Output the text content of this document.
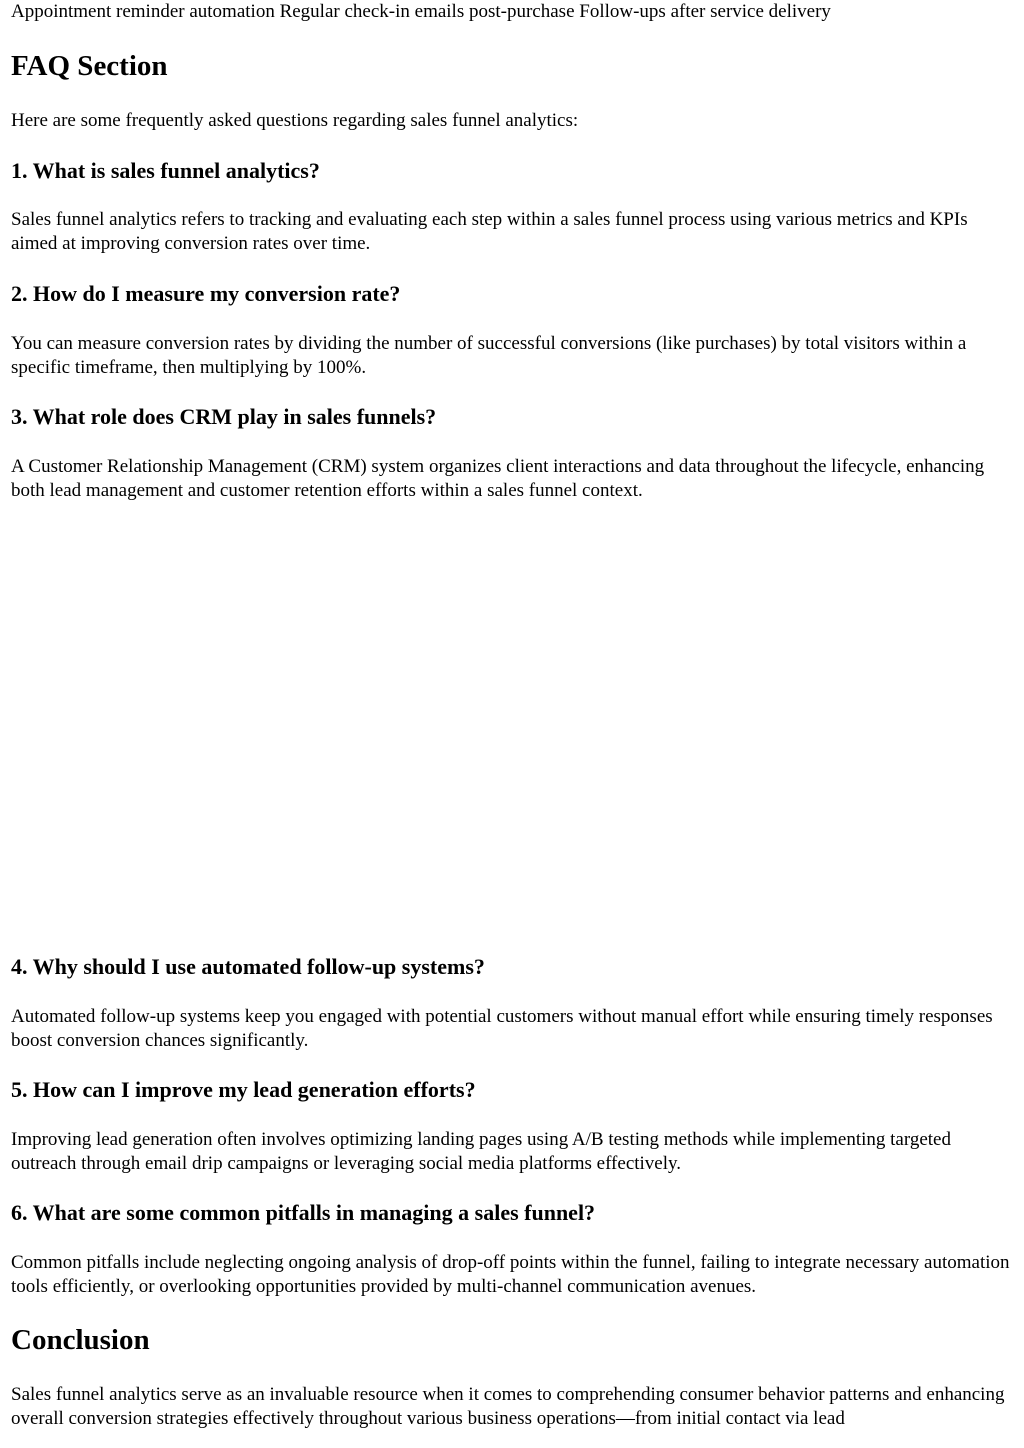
Appointment reminder automation Regular check-in emails post-purchase Follow-ups after service delivery

FAQ Section

Here are some frequently asked questions regarding sales funnel analytics:

1. What is sales funnel analytics?

Sales funnel analytics refers to tracking and evaluating each step within a sales funnel process using various metrics and KPIs aimed at improving conversion rates over time.

2. How do I measure my conversion rate?

You can measure conversion rates by dividing the number of successful conversions (like purchases) by total visitors within a specific timeframe, then multiplying by 100%.

3. What role does CRM play in sales funnels?

A Customer Relationship Management (CRM) system organizes client interactions and data throughout the lifecycle, enhancing both lead management and customer retention efforts within a sales funnel context.

4. Why should I use automated follow-up systems?

Automated follow-up systems keep you engaged with potential customers without manual effort while ensuring timely responses boost conversion chances significantly.

5. How can I improve my lead generation efforts?

Improving lead generation often involves optimizing landing pages using A/B testing methods while implementing targeted outreach through email drip campaigns or leveraging social media platforms effectively.

6. What are some common pitfalls in managing a sales funnel?

Common pitfalls include neglecting ongoing analysis of drop-off points within the funnel, failing to integrate necessary automation tools efficiently, or overlooking opportunities provided by multi-channel communication avenues.

Conclusion

Sales funnel analytics serve as an invaluable resource when it comes to comprehending consumer behavior patterns and enhancing overall conversion strategies effectively throughout various business operations—from initial contact via lead
